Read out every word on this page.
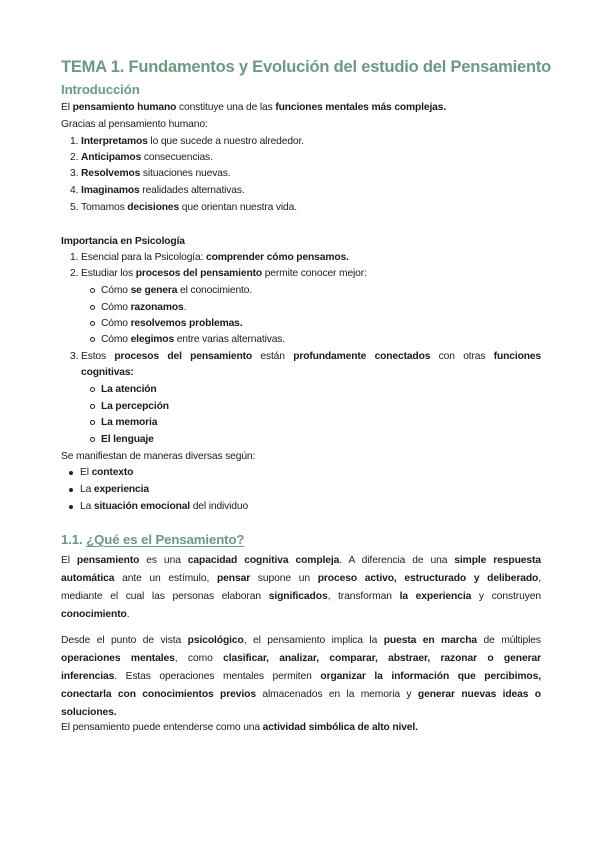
TEMA 1. Fundamentos y Evolución del estudio del Pensamiento
Introducción
El pensamiento humano constituye una de las funciones mentales más complejas.
Gracias al pensamiento humano:
1. Interpretamos lo que sucede a nuestro alrededor.
2. Anticipamos consecuencias.
3. Resolvemos situaciones nuevas.
4. Imaginamos realidades alternativas.
5. Tomamos decisiones que orientan nuestra vida.
Importancia en Psicología
1. Esencial para la Psicología: comprender cómo pensamos.
2. Estudiar los procesos del pensamiento permite conocer mejor:
Cómo se genera el conocimiento.
Cómo razonamos.
Cómo resolvemos problemas.
Cómo elegimos entre varias alternativas.
3. Estos procesos del pensamiento están profundamente conectados con otras funciones
cognitivas:
La atención
La percepción
La memoria
El lenguaje
Se manifiestan de maneras diversas según:
El contexto
La experiencia
La situación emocional del individuo
1.1. ¿Qué es el Pensamiento?
El pensamiento es una capacidad cognitiva compleja. A diferencia de una simple respuesta
automática ante un estímulo, pensar supone un proceso activo, estructurado y deliberado,
mediante el cual las personas elaboran significados, transforman la experiencia y construyen
conocimiento.
Desde el punto de vista psicológico, el pensamiento implica la puesta en marcha de múltiples
operaciones mentales, como clasificar, analizar, comparar, abstraer, razonar o generar
inferencias. Estas operaciones mentales permiten organizar la información que percibimos,
conectarla con conocimientos previos almacenados en la memoria y generar nuevas ideas o
soluciones.
El pensamiento puede entenderse como una actividad simbólica de alto nivel.
